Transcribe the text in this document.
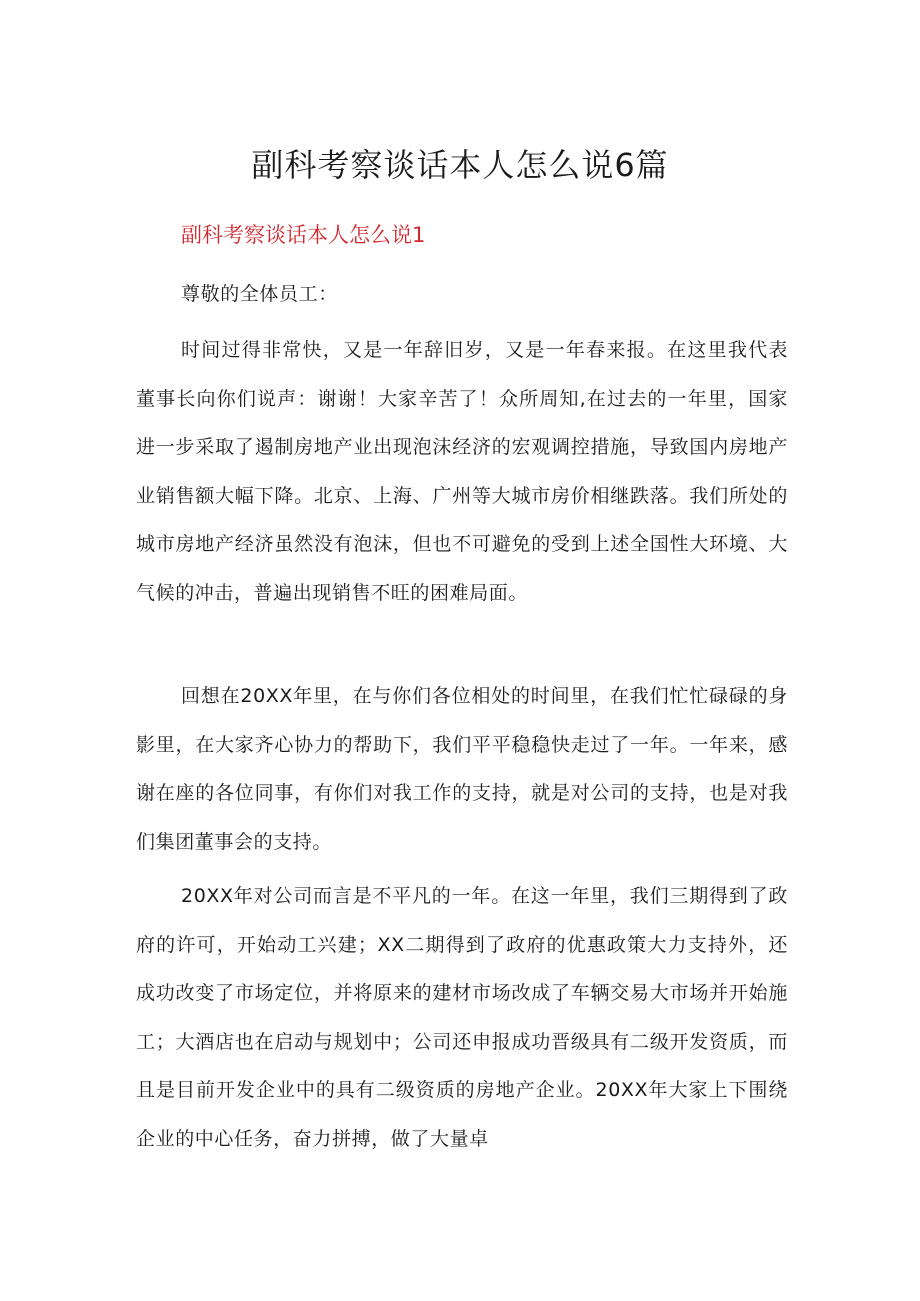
副科考察谈话本人怎么说6篇
副科考察谈话本人怎么说1
尊敬的全体员工：

时间过得非常快，又是一年辞旧岁，又是一年春来报。在这里我代表董事长向你们说声：谢谢！大家辛苦了！众所周知,在过去的一年里，国家进一步采取了遏制房地产业出现泡沫经济的宏观调控措施，导致国内房地产业销售额大幅下降。北京、上海、广州等大城市房价相继跌落。我们所处的城市房地产经济虽然没有泡沫，但也不可避免的受到上述全国性大环境、大气候的冲击，普遍出现销售不旺的困难局面。

回想在20XX年里，在与你们各位相处的时间里，在我们忙忙碌碌的身影里，在大家齐心协力的帮助下，我们平平稳稳快走过了一年。一年来，感谢在座的各位同事，有你们对我工作的支持，就是对公司的支持，也是对我们集团董事会的支持。

20XX年对公司而言是不平凡的一年。在这一年里，我们三期得到了政府的许可，开始动工兴建；XX二期得到了政府的优惠政策大力支持外，还成功改变了市场定位，并将原来的建材市场改成了车辆交易大市场并开始施工；大酒店也在启动与规划中；公司还申报成功晋级具有二级开发资质，而且是目前开发企业中的具有二级资质的房地产企业。20XX年大家上下围绕企业的中心任务，奋力拼搏，做了大量卓
